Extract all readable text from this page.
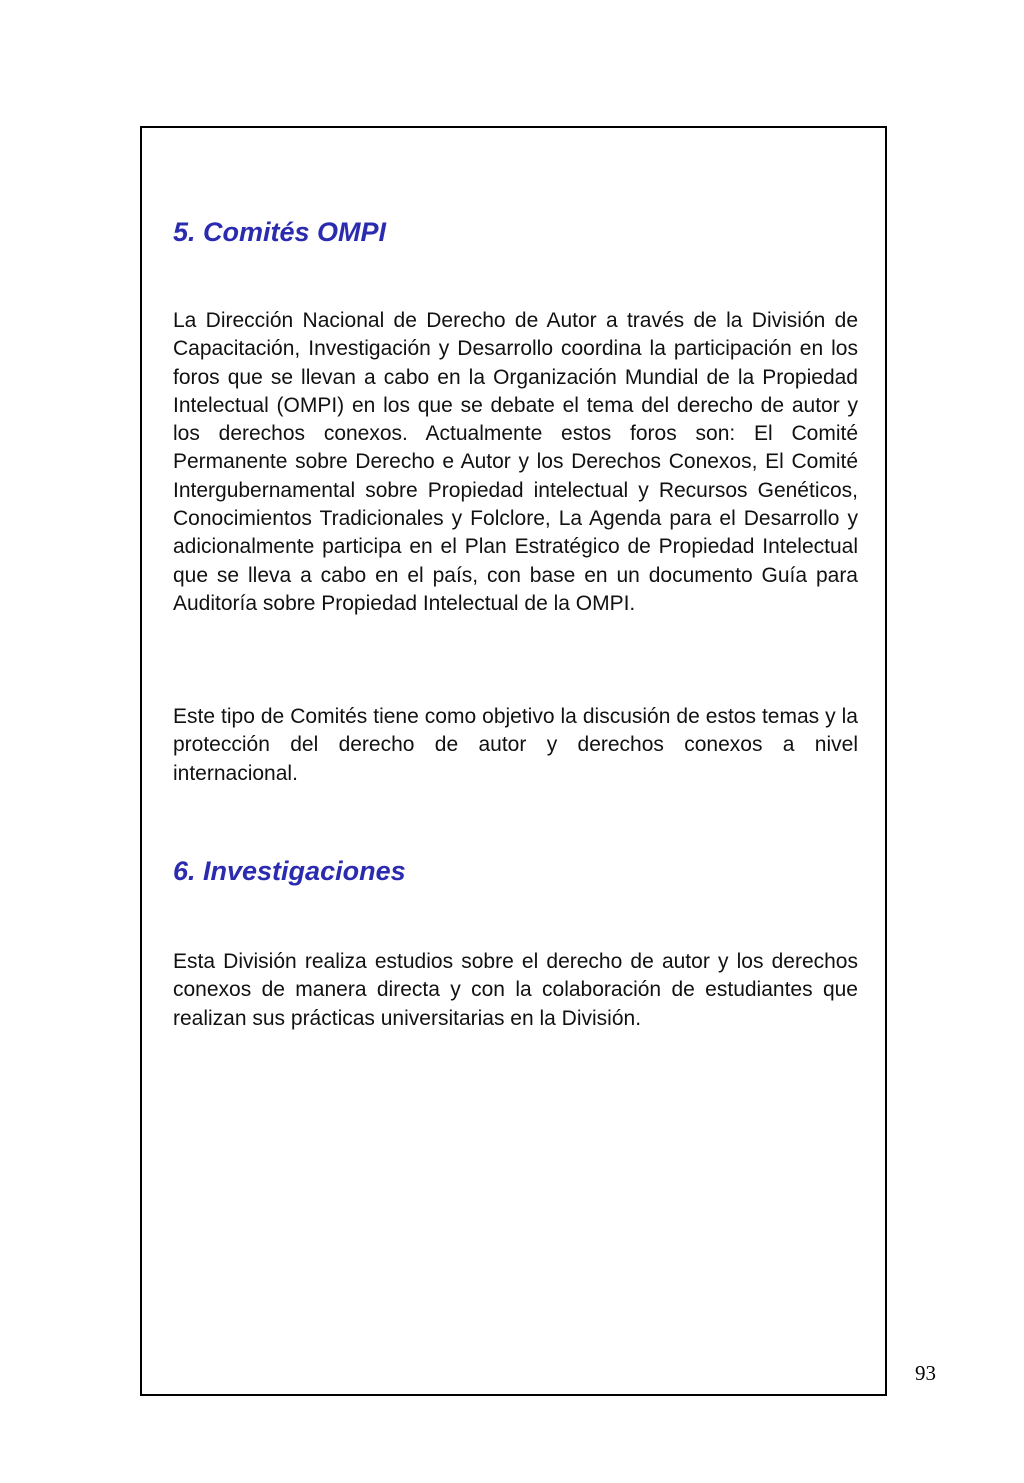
5. Comités OMPI

La Dirección Nacional de Derecho de Autor a través de la División de Capacitación, Investigación y Desarrollo coordina la participación en los foros que se llevan a cabo en la Organización Mundial de la Propiedad Intelectual (OMPI) en los que se debate el tema del derecho de autor y los derechos conexos. Actualmente estos foros son: El Comité Permanente sobre Derecho e Autor y los Derechos Conexos, El Comité Intergubernamental sobre Propiedad intelectual y Recursos Genéticos, Conocimientos Tradicionales y Folclore, La Agenda para el Desarrollo y adicionalmente participa en el Plan Estratégico de Propiedad Intelectual que se lleva a cabo en el país, con base en un documento Guía para Auditoría sobre Propiedad Intelectual de la OMPI.

Este tipo de Comités tiene como objetivo la discusión de estos temas y la protección del derecho de autor y derechos conexos a nivel internacional.

6. Investigaciones

Esta División realiza estudios sobre el derecho de autor y los derechos conexos de manera directa y con la colaboración de estudiantes que realizan sus prácticas universitarias en la División.

93
